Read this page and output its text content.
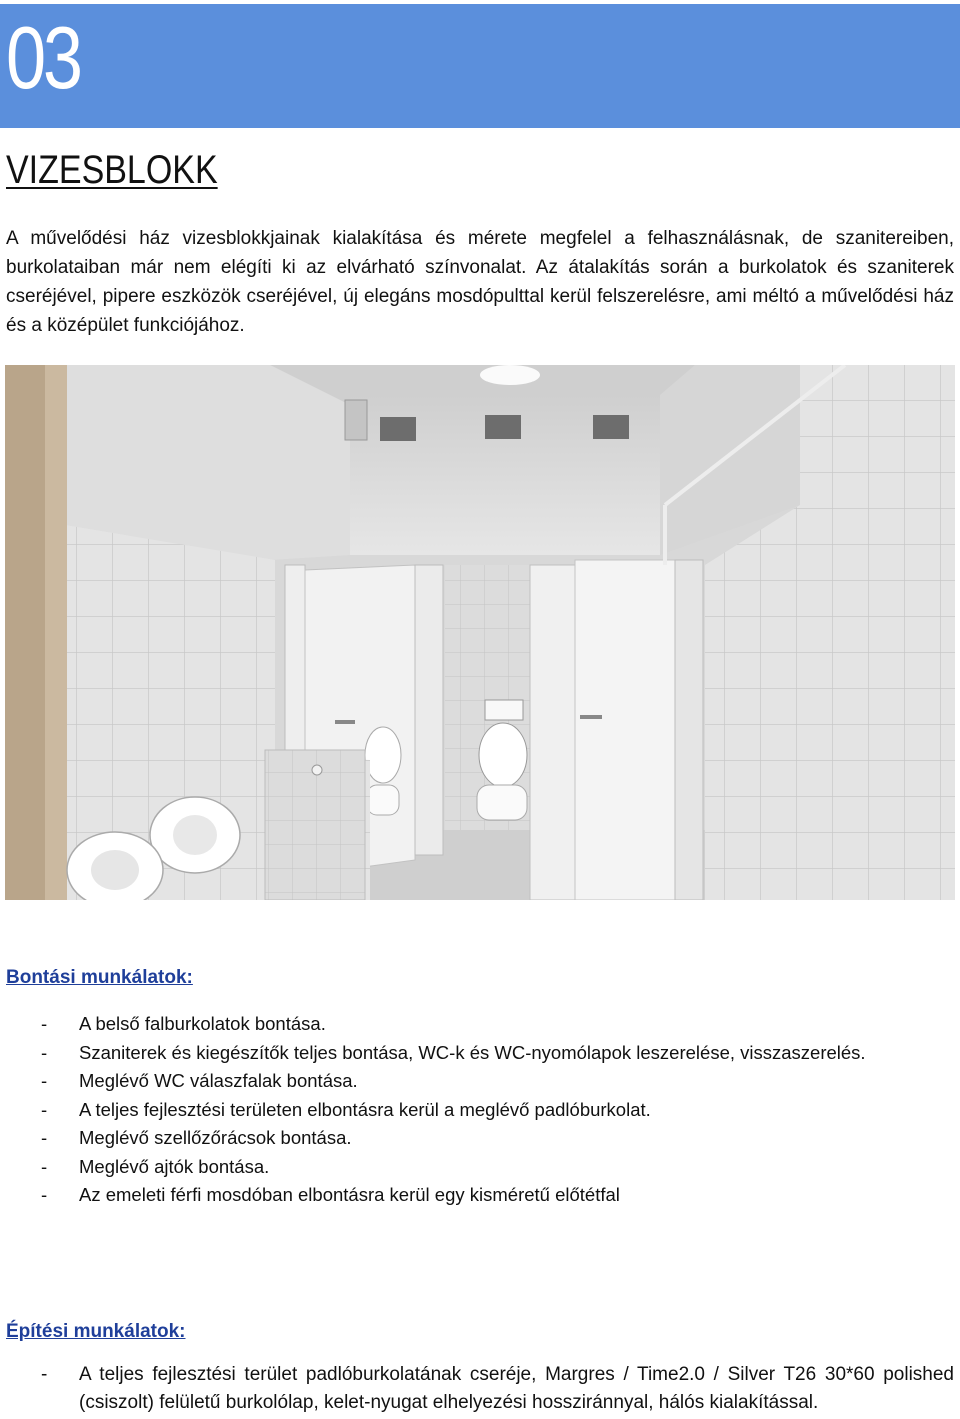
03
VIZESBLOKK

A művelődési ház vizesblokkjainak kialakítása és mérete megfelel a felhasználásnak, de szanitereiben, burkolataiban már nem elégíti ki az elvárható színvonalat. Az átalakítás során a burkolatok és szaniterek cseréjével, pipere eszközök cseréjével, új elegáns mosdópulttal kerül felszerelésre, ami méltó a művelődési ház és a középület funkciójához.

Bontási munkálatok:
- A belső falburkolatok bontása.
- Szaniterek és kiegészítők teljes bontása, WC-k és WC-nyomólapok leszerelése, visszaszerelés.
- Meglévő WC válaszfalak bontása.
- A teljes fejlesztési területen elbontásra kerül a meglévő padlóburkolat.
- Meglévő szellőzőrácsok bontása.
- Meglévő ajtók bontása.
- Az emeleti férfi mosdóban elbontásra kerül egy kisméretű előtétfal
Építési munkálatok:
- A teljes fejlesztési terület padlóburkolatának cseréje, Margres / Time2.0 / Silver T26 30*60 polished (csiszolt) felületű burkolólap, kelet-nyugat elhelyezési hossziránnyal, hálós kialakítással.
